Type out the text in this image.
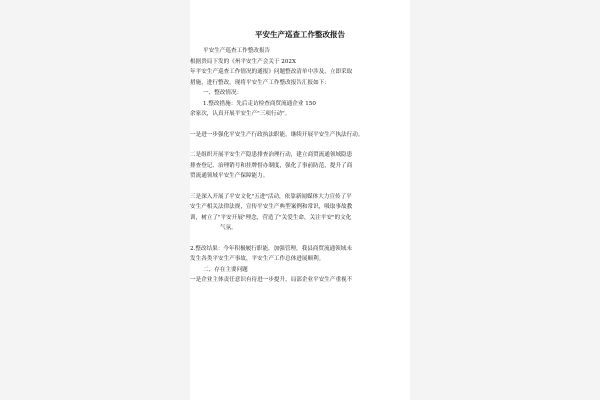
平安生产巡查工作整改报告
平安生产巡查工作整改报告
根据贵局下发的《州平安生产会关于 202X
年平安生产巡查工作情况的通报》问题整改清单中涉及，立即采取
措施，进行整改，现将平安生产工作整改报告汇报如下：
一、整改情况：
1.整改措施：先后走访检查商贸流通企业 150
余家次，认真开展平安生产"三项行动"。
一是进一步强化平安生产行政执法职能，继续开展平安生产执法行动。
二是组织开展平安生产隐患排查治理行动，建立商贸流通领域隐患
排查登记、治理销号和挂牌督办制度，强化了事前防范，提升了商
贸流通领域平安生产保障能力。
三是深入开展了平安文化"五进"活动，依靠新闻媒体大力宣传了平
安生产相关法律法规，宣传平安生产典型案例和常识，吸取事故教
训，树立了"平安开展"理念，营造了"关爱生命，关注平安"的文化
气氛。
2.整改结果：今年积极履行职能，加强管理，我县商贸流通领域未
发生各类平安生产事故，平安生产工作总体进展顺利。
二、存在主要问题
一是企业主体责任意识有待进一步提升，局部企业平安生产重视不
